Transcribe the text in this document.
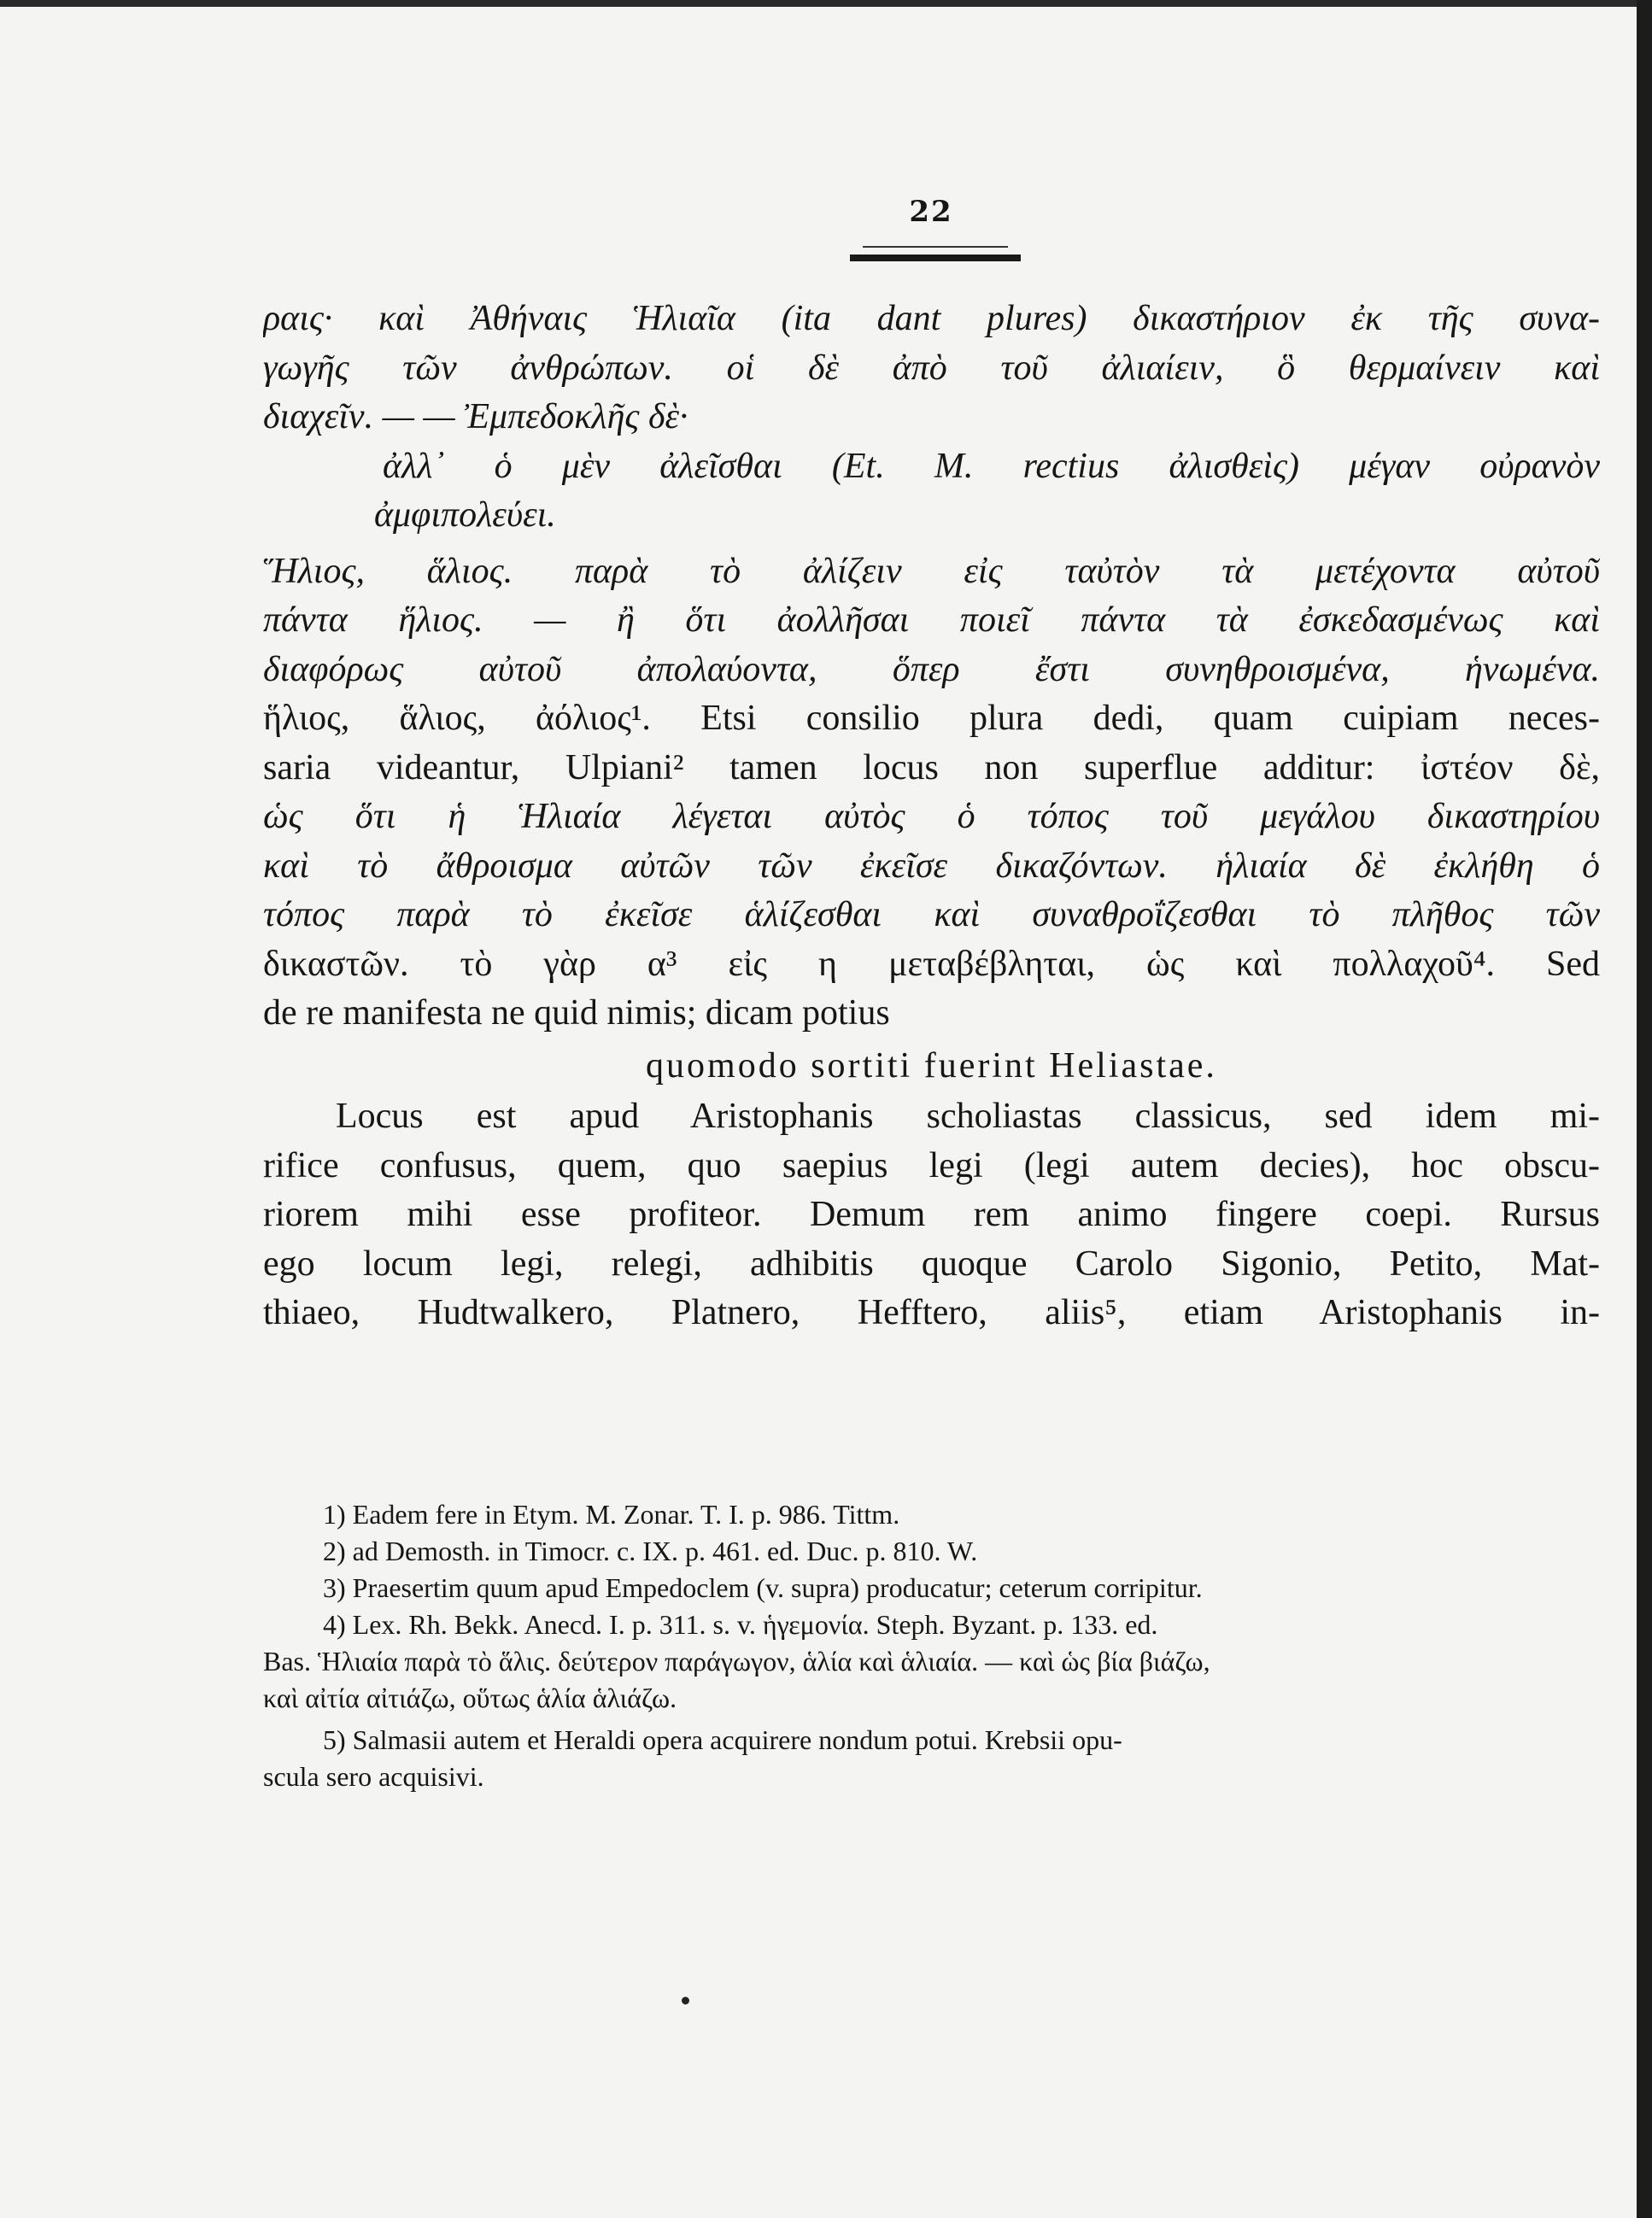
22
ραις· καὶ Ἀθήναις Ἡλιαῖα (ita dant plures) δικαστήριον ἐκ τῆς συνα-
γωγῆς τῶν ἀνθρώπων. οἱ δὲ ἀπὸ τοῦ ἀλιαίειν, ὃ θερμαίνειν καὶ
διαχεῖν. — — Ἐμπεδοκλῆς δὲ·
ἀλλ᾽ ὁ μὲν ἀλεῖσθαι (Et. M. rectius ἀλισθεὶς) μέγαν οὐρανὸν
ἀμφιπολεύει.
Ἥλιος, ἅλιος. παρὰ τὸ ἀλίζειν εἰς ταὐτὸν τὰ μετέχοντα αὐτοῦ
πάντα ἥλιος. — ἢ ὅτι ἀολλῆσαι ποιεῖ πάντα τὰ ἐσκεδασμένως καὶ
διαφόρως αὐτοῦ ἀπολαύοντα, ὅπερ ἔστι συνηθροισμένα, ἡνωμένα.
ἥλιος, ἅλιος, ἀόλιος¹. Etsi consilio plura dedi, quam cuipiam neces-
saria videantur, Ulpiani² tamen locus non superflue additur: ἰστέον δὲ,
ὡς ὅτι ἡ Ἡλιαία λέγεται αὐτὸς ὁ τόπος τοῦ μεγάλου δικαστηρίου
καὶ τὸ ἄθροισμα αὐτῶν τῶν ἐκεῖσε δικαζόντων. ἡλιαία δὲ ἐκλήθη ὁ
τόπος παρὰ τὸ ἐκεῖσε ἁλίζεσθαι καὶ συναθροΐζεσθαι τὸ πλῆθος τῶν
δικαστῶν. τὸ γὰρ α³ εἰς η μεταβέβληται, ὡς καὶ πολλαχοῦ⁴. Sed
de re manifesta ne quid nimis; dicam potius
quomodo sortiti fuerint Heliastae.
Locus est apud Aristophanis scholiastas classicus, sed idem mi-
rifice confusus, quem, quo saepius legi (legi autem decies), hoc obscu-
riorem mihi esse profiteor. Demum rem animo fingere coepi. Rursus
ego locum legi, relegi, adhibitis quoque Carolo Sigonio, Petito, Mat-
thiaeo, Hudtwalkero, Platnero, Hefftero, aliis⁵, etiam Aristophanis in-
1) Eadem fere in Etym. M. Zonar. T. I. p. 986. Tittm.
2) ad Demosth. in Timocr. c. IX. p. 461. ed. Duc. p. 810. W.
3) Praesertim quum apud Empedoclem (v. supra) producatur; ceterum corripitur.
4) Lex. Rh. Bekk. Anecd. I. p. 311. s. v. ἡγεμονία. Steph. Byzant. p. 133. ed.
Bas. Ἡλιαία παρὰ τὸ ἅλις. δεύτερον παράγωγον, ἁλία καὶ ἁλιαία. — καὶ ὡς βία βιάζω,
καὶ αἰτία αἰτιάζω, οὕτως ἁλία ἁλιάζω.
5) Salmasii autem et Heraldi opera acquirere nondum potui. Krebsii opu-
scula sero acquisivi.
